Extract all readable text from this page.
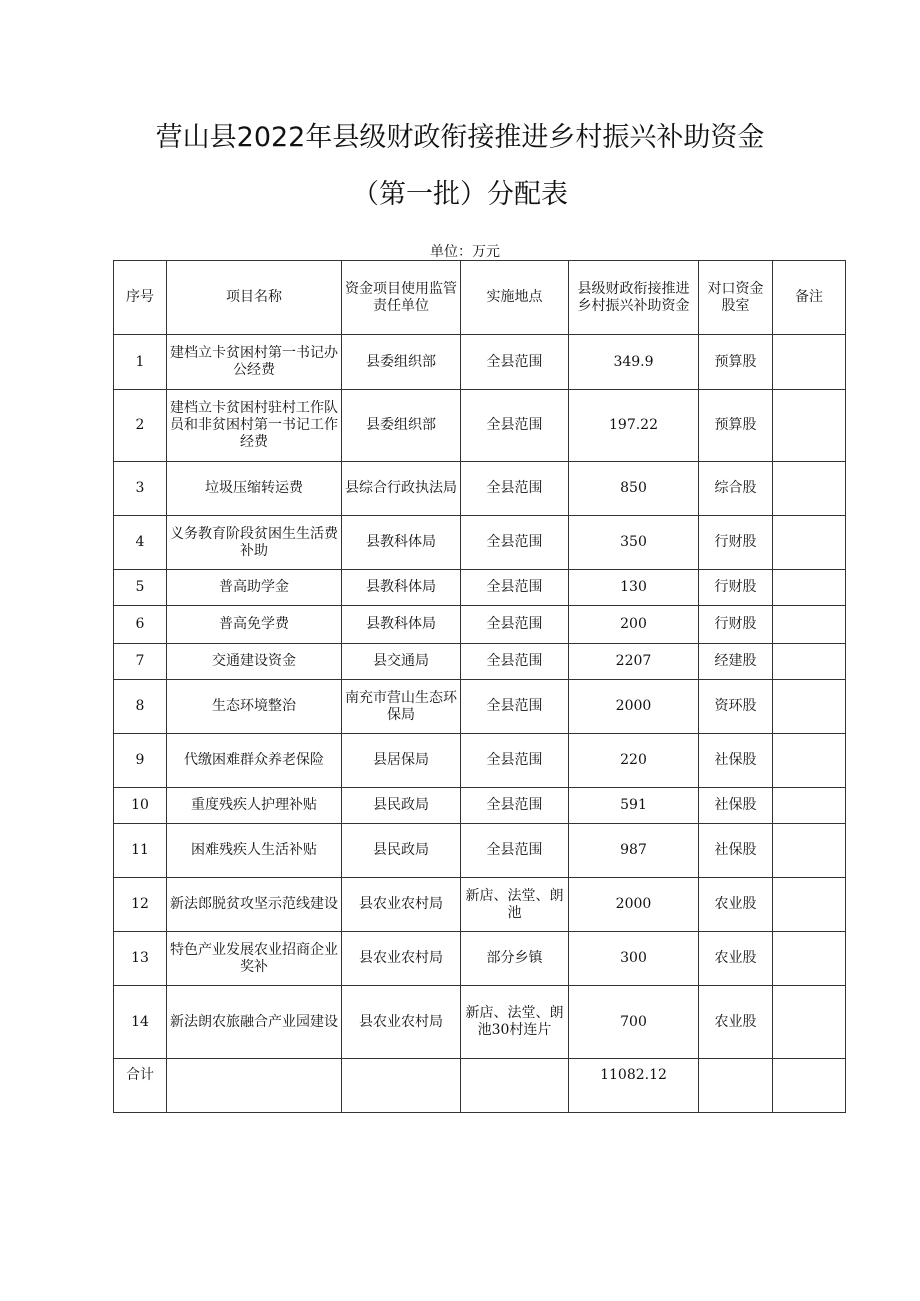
营山县2022年县级财政衔接推进乡村振兴补助资金
（第一批）分配表
单位：万元
序号	项目名称	资金项目使用监管责任单位	实施地点	县级财政衔接推进乡村振兴补助资金	对口资金股室	备注
1	建档立卡贫困村第一书记办公经费	县委组织部	全县范围	349.9	预算股	
2	建档立卡贫困村驻村工作队员和非贫困村第一书记工作经费	县委组织部	全县范围	197.22	预算股	
3	垃圾压缩转运费	县综合行政执法局	全县范围	850	综合股	
4	义务教育阶段贫困生生活费补助	县教科体局	全县范围	350	行财股	
5	普高助学金	县教科体局	全县范围	130	行财股	
6	普高免学费	县教科体局	全县范围	200	行财股	
7	交通建设资金	县交通局	全县范围	2207	经建股	
8	生态环境整治	南充市营山生态环保局	全县范围	2000	资环股	
9	代缴困难群众养老保险	县居保局	全县范围	220	社保股	
10	重度残疾人护理补贴	县民政局	全县范围	591	社保股	
11	困难残疾人生活补贴	县民政局	全县范围	987	社保股	
12	新法郎脱贫攻坚示范线建设	县农业农村局	新店、法堂、朗池	2000	农业股	
13	特色产业发展农业招商企业奖补	县农业农村局	部分乡镇	300	农业股	
14	新法朗农旅融合产业园建设	县农业农村局	新店、法堂、朗池30村连片	700	农业股	
合计				11082.12		
